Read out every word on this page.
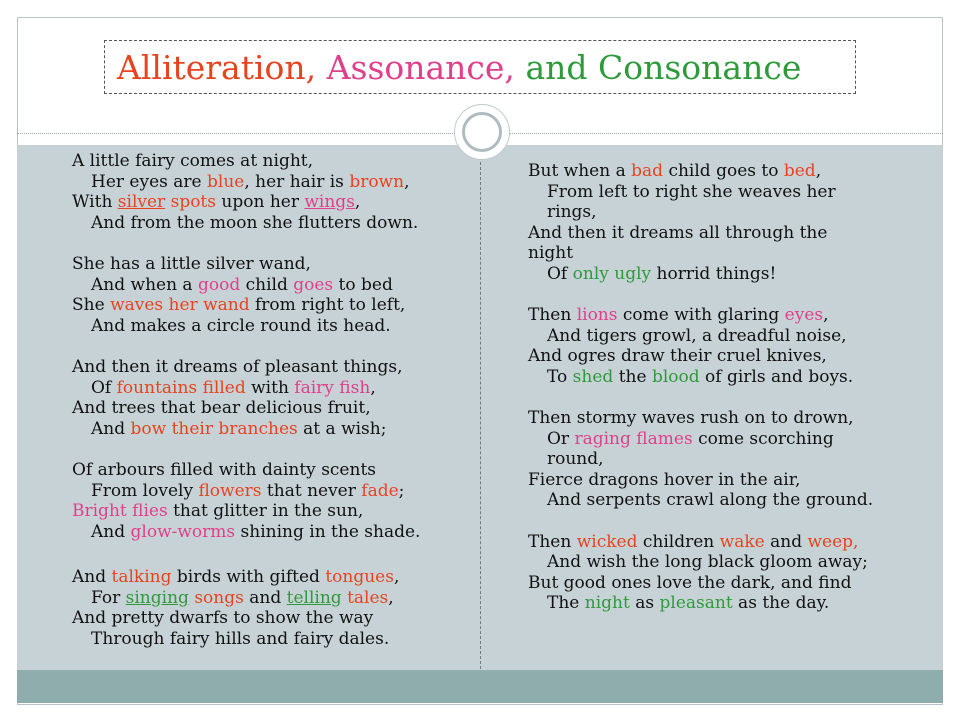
Alliteration, Assonance, and Consonance
A little fairy comes at night,
Her eyes are blue, her hair is brown,
With silver spots upon her wings,
And from the moon she flutters down.
She has a little silver wand,
And when a good child goes to bed
She waves her wand from right to left,
And makes a circle round its head.
And then it dreams of pleasant things,
Of fountains filled with fairy fish,
And trees that bear delicious fruit,
And bow their branches at a wish;
Of arbours filled with dainty scents
From lovely flowers that never fade;
Bright flies that glitter in the sun,
And glow-worms shining in the shade.
And talking birds with gifted tongues,
For singing songs and telling tales,
And pretty dwarfs to show the way
Through fairy hills and fairy dales.
But when a bad child goes to bed,
From left to right she weaves her rings,
And then it dreams all through the night
Of only ugly horrid things!
Then lions come with glaring eyes,
And tigers growl, a dreadful noise,
And ogres draw their cruel knives,
To shed the blood of girls and boys.
Then stormy waves rush on to drown,
Or raging flames come scorching round,
Fierce dragons hover in the air,
And serpents crawl along the ground.
Then wicked children wake and weep,
And wish the long black gloom away;
But good ones love the dark, and find
The night as pleasant as the day.
